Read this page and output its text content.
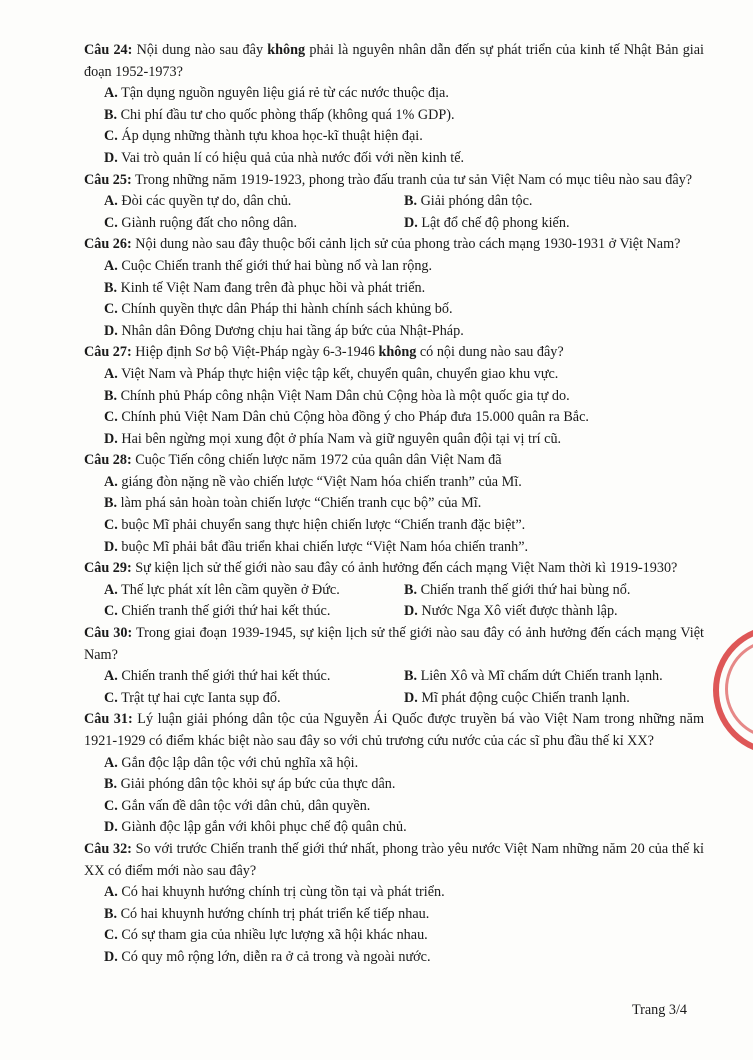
Câu 24: Nội dung nào sau đây không phải là nguyên nhân dẫn đến sự phát triển của kinh tế Nhật Bản giai đoạn 1952-1973?
A. Tận dụng nguồn nguyên liệu giá rẻ từ các nước thuộc địa.
B. Chi phí đầu tư cho quốc phòng thấp (không quá 1% GDP).
C. Áp dụng những thành tựu khoa học-kĩ thuật hiện đại.
D. Vai trò quản lí có hiệu quả của nhà nước đối với nền kinh tế.
Câu 25: Trong những năm 1919-1923, phong trào đấu tranh của tư sản Việt Nam có mục tiêu nào sau đây?
A. Đòi các quyền tự do, dân chủ.	B. Giải phóng dân tộc.
C. Giành ruộng đất cho nông dân.	D. Lật đổ chế độ phong kiến.
Câu 26: Nội dung nào sau đây thuộc bối cảnh lịch sử của phong trào cách mạng 1930-1931 ở Việt Nam?
A. Cuộc Chiến tranh thế giới thứ hai bùng nổ và lan rộng.
B. Kinh tế Việt Nam đang trên đà phục hồi và phát triển.
C. Chính quyền thực dân Pháp thi hành chính sách khủng bố.
D. Nhân dân Đông Dương chịu hai tầng áp bức của Nhật-Pháp.
Câu 27: Hiệp định Sơ bộ Việt-Pháp ngày 6-3-1946 không có nội dung nào sau đây?
A. Việt Nam và Pháp thực hiện việc tập kết, chuyển quân, chuyển giao khu vực.
B. Chính phủ Pháp công nhận Việt Nam Dân chủ Cộng hòa là một quốc gia tự do.
C. Chính phủ Việt Nam Dân chủ Cộng hòa đồng ý cho Pháp đưa 15.000 quân ra Bắc.
D. Hai bên ngừng mọi xung đột ở phía Nam và giữ nguyên quân đội tại vị trí cũ.
Câu 28: Cuộc Tiến công chiến lược năm 1972 của quân dân Việt Nam đã
A. giáng đòn nặng nề vào chiến lược “Việt Nam hóa chiến tranh” của Mĩ.
B. làm phá sản hoàn toàn chiến lược “Chiến tranh cục bộ” của Mĩ.
C. buộc Mĩ phải chuyển sang thực hiện chiến lược “Chiến tranh đặc biệt”.
D. buộc Mĩ phải bắt đầu triển khai chiến lược “Việt Nam hóa chiến tranh”.
Câu 29: Sự kiện lịch sử thế giới nào sau đây có ảnh hưởng đến cách mạng Việt Nam thời kì 1919-1930?
A. Thế lực phát xít lên cầm quyền ở Đức.	B. Chiến tranh thế giới thứ hai bùng nổ.
C. Chiến tranh thế giới thứ hai kết thúc.	D. Nước Nga Xô viết được thành lập.
Câu 30: Trong giai đoạn 1939-1945, sự kiện lịch sử thế giới nào sau đây có ảnh hưởng đến cách mạng Việt Nam?
A. Chiến tranh thế giới thứ hai kết thúc.	B. Liên Xô và Mĩ chấm dứt Chiến tranh lạnh.
C. Trật tự hai cực Ianta sụp đổ.	D. Mĩ phát động cuộc Chiến tranh lạnh.
Câu 31: Lý luận giải phóng dân tộc của Nguyễn Ái Quốc được truyền bá vào Việt Nam trong những năm 1921-1929 có điểm khác biệt nào sau đây so với chủ trương cứu nước của các sĩ phu đầu thế kỉ XX?
A. Gắn độc lập dân tộc với chủ nghĩa xã hội.
B. Giải phóng dân tộc khỏi sự áp bức của thực dân.
C. Gắn vấn đề dân tộc với dân chủ, dân quyền.
D. Giành độc lập gắn với khôi phục chế độ quân chủ.
Câu 32: So với trước Chiến tranh thế giới thứ nhất, phong trào yêu nước Việt Nam những năm 20 của thế kỉ XX có điểm mới nào sau đây?
A. Có hai khuynh hướng chính trị cùng tồn tại và phát triển.
B. Có hai khuynh hướng chính trị phát triển kế tiếp nhau.
C. Có sự tham gia của nhiều lực lượng xã hội khác nhau.
D. Có quy mô rộng lớn, diễn ra ở cả trong và ngoài nước.
Trang 3/4
